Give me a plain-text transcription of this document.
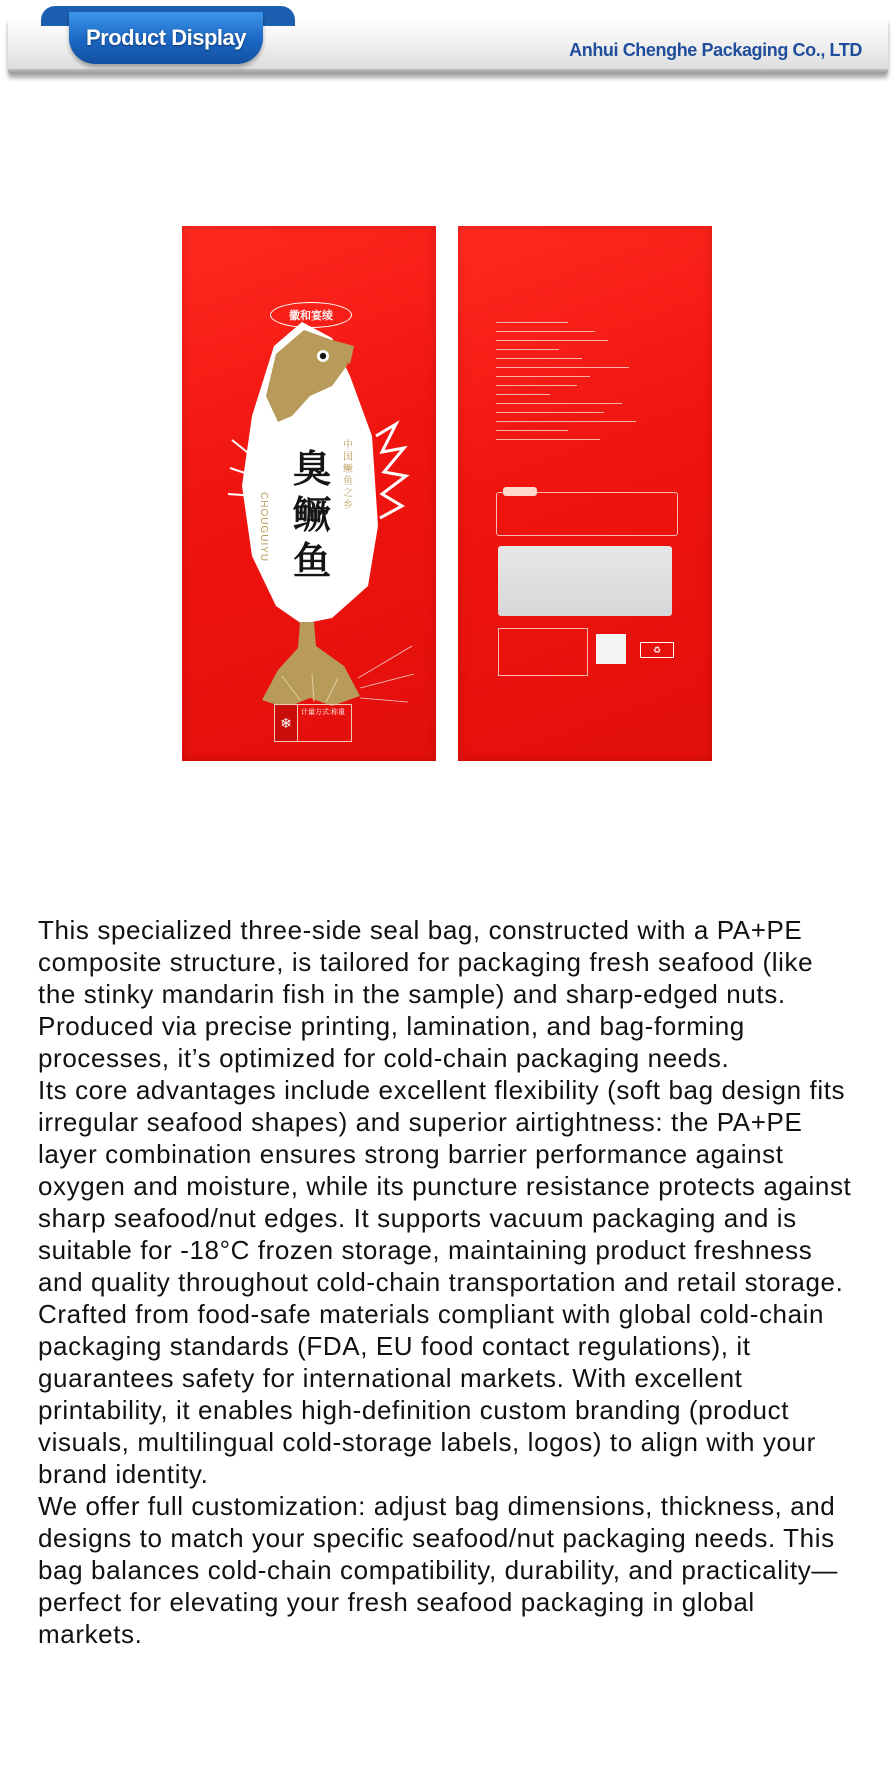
Product Display	Anhui Chenghe Packaging Co., LTD
徽和宴绫
臭鳜鱼
中国鳜鱼之乡
CHOUGUIYU
❄
计量方式:称重
♻

This specialized three-side seal bag, constructed with a PA+PE composite structure, is tailored for packaging fresh seafood (like the stinky mandarin fish in the sample) and sharp-edged nuts. Produced via precise printing, lamination, and bag-forming processes, it’s optimized for cold-chain packaging needs.

Its core advantages include excellent flexibility (soft bag design fits irregular seafood shapes) and superior airtightness: the PA+PE layer combination ensures strong barrier performance against oxygen and moisture, while its puncture resistance protects against sharp seafood/nut edges. It supports vacuum packaging and is suitable for -18°C frozen storage, maintaining product freshness and quality throughout cold-chain transportation and retail storage.

Crafted from food-safe materials compliant with global cold-chain packaging standards (FDA, EU food contact regulations), it guarantees safety for international markets. With excellent printability, it enables high-definition custom branding (product visuals, multilingual cold-storage labels, logos) to align with your brand identity.

We offer full customization: adjust bag dimensions, thickness, and designs to match your specific seafood/nut packaging needs. This bag balances cold-chain compatibility, durability, and practicality—perfect for elevating your fresh seafood packaging in global markets.
